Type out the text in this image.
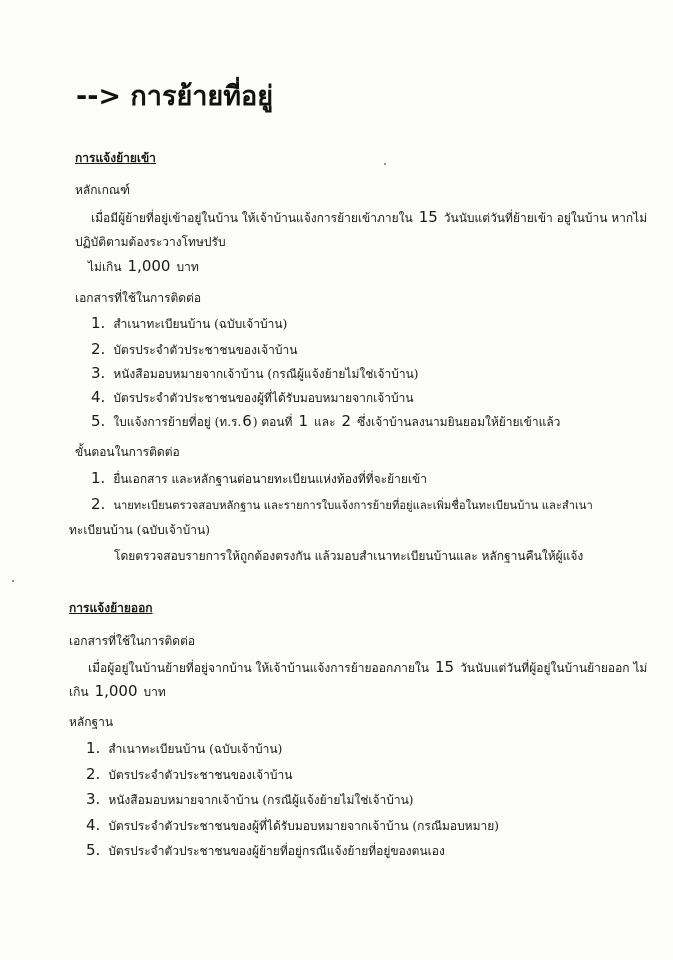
--> การย้ายที่อยู่
การแจ้งย้ายเข้า
หลักเกณฑ์
เมื่อมีผู้ย้ายที่อยู่เข้าอยู่ในบ้าน ให้เจ้าบ้านแจ้งการย้ายเข้าภายใน 15 วันนับแต่วันที่ย้ายเข้า อยู่ในบ้าน หากไม่
ปฏิบัติตามต้องระวางโทษปรับ
ไม่เกิน 1,000 บาท
เอกสารที่ใช้ในการติดต่อ
1. สำเนาทะเบียนบ้าน (ฉบับเจ้าบ้าน)
2. บัตรประจำตัวประชาชนของเจ้าบ้าน
3. หนังสือมอบหมายจากเจ้าบ้าน (กรณีผู้แจ้งย้ายไม่ใช่เจ้าบ้าน)
4. บัตรประจำตัวประชาชนของผู้ที่ได้รับมอบหมายจากเจ้าบ้าน
5. ใบแจ้งการย้ายที่อยู่ (ท.ร. 6 ) ตอนที่ 1 และ 2 ซึ่งเจ้าบ้านลงนามยินยอมให้ย้ายเข้าแล้ว
ขั้นตอนในการติดต่อ
1. ยื่นเอกสาร และหลักฐานต่อนายทะเบียนแห่งท้องที่ที่จะย้ายเข้า
2. นายทะเบียนตรวจสอบหลักฐาน และรายการใบแจ้งการย้ายที่อยู่และเพิ่มชื่อในทะเบียนบ้าน และสำเนา
ทะเบียนบ้าน (ฉบับเจ้าบ้าน)
โดยตรวจสอบรายการให้ถูกต้องตรงกัน แล้วมอบสำเนาทะเบียนบ้านและ หลักฐานคืนให้ผู้แจ้ง
การแจ้งย้ายออก
เอกสารที่ใช้ในการติดต่อ
เมื่อผู้อยู่ในบ้านย้ายที่อยู่จากบ้าน ให้เจ้าบ้านแจ้งการย้ายออกภายใน 15 วันนับแต่วันที่ผู้อยู่ในบ้านย้ายออก ไม่
เกิน 1,000 บาท
หลักฐาน
1. สำเนาทะเบียนบ้าน (ฉบับเจ้าบ้าน)
2. บัตรประจำตัวประชาชนของเจ้าบ้าน
3. หนังสือมอบหมายจากเจ้าบ้าน (กรณีผู้แจ้งย้ายไม่ใช่เจ้าบ้าน)
4. บัตรประจำตัวประชาชนของผู้ที่ได้รับมอบหมายจากเจ้าบ้าน (กรณีมอบหมาย)
5. บัตรประจำตัวประชาชนของผู้ย้ายที่อยู่กรณีแจ้งย้ายที่อยู่ของตนเอง
